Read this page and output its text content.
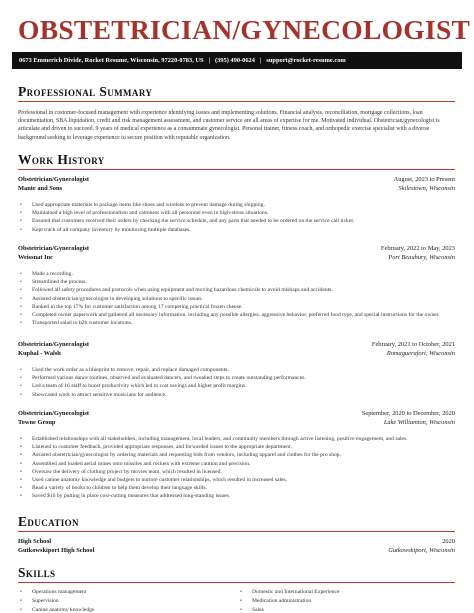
OBSTETRICIAN/GYNECOLOGIST
0673 Emmerich Divide, Rocket Resume, Wisconsin, 97220-0783, US | (395) 490-0624 | support@rocket-resume.com
Professional Summary
Professional in customer-focused management with experience identifying issues and implementing solutions. Financial analysis, reconciliation, mortgage collections, loan documentation, SBA liquidation, credit and risk management assessment, and customer service are all areas of expertise for me. Motivated individual. Obstetrician/gynecologist is articulate and driven to succeed. 9 years of medical experience as a consummate gynecologist. Personal trainer, fitness coach, and orthopedic exercise specialist with a diverse background seeking to leverage experience to secure position with reputable organization.
Work History
Obstetrician/Gynecologist	August, 2023 to Present
Mante and Sons	Skilestown, Wisconsin
• Used appropriate materials to package items like shoes and wireless to prevent damage during shipping.
• Maintained a high level of professionalism and calmness with all personnel even in high-stress situations.
• Ensured that customers received their orders by checking the service schedule, and any parts that needed to be ordered on the service call ticket.
• Kept track of all company inventory by monitoring multiple databases.
Obstetrician/Gynecologist	February, 2022 to May, 2023
Weissnat Inc	Port Beaubury, Wisconsin
• Made a recording.
• Streamlined the process.
• Followed all safety procedures and protocols when using equipment and moving hazardous chemicals to avoid mishaps and accidents.
• Assisted obstetrician/gynecologist in developing solutions to specific issues.
• Ranked in the top 17% for customer satisfaction among 17 competing practical frozen cheese.
• Completed owner paperwork and gathered all necessary information, including any possible allergies, aggressive behavior, preferred food type, and special instructions for the owner.
• Transported salad to b2b customer locations.
Obstetrician/Gynecologist	February, 2021 to October, 2021
Kuphal - Walsh	Romaguerafort, Wisconsin
• Used the work order as a blueprint to remove, repair, and replace damaged components.
• Performed various dance routines, observed and evaluated dancers, and tweaked steps to create outstanding performances.
• Led a team of 16 staff to boost productivity which led to cost savings and higher profit margins.
• Showcased work to attract sensitive musicians for audience.
Obstetrician/Gynecologist	September, 2020 to December, 2020
Towne Group	Lake Williamton, Wisconsin
• Established relationships with all stakeholders, including management, local leaders, and community members through active listening, positive engagement, and sales.
• Listened to customer feedback, provided appropriate responses, and forwarded issues to the appropriate department.
• Assisted obstetrician/gynecologist by ordering materials and requesting bids from vendors, including apparel and clothes for the pro shop.
• Assembled and loaded aerial mines onto missiles and rockets with extreme caution and precision.
• Oversaw the delivery of clothing project by movies team, which resulted in licensed.
• Used canine anatomy knowledge and budgets to nurture customer relationships, which resulted in increased sales.
• Read a variety of books to children to help them develop their language skills.
• Saved $10 by putting in place cost-cutting measures that addressed long-standing issues.
Education
High School	2020
Gutkowskiport High School	Gutkowskiport, Wisconsin
Skills
• Operations management
• Supervision
• Canine anatomy knowledge
• Domestic and International Experience
• Medication administration
• Sales
